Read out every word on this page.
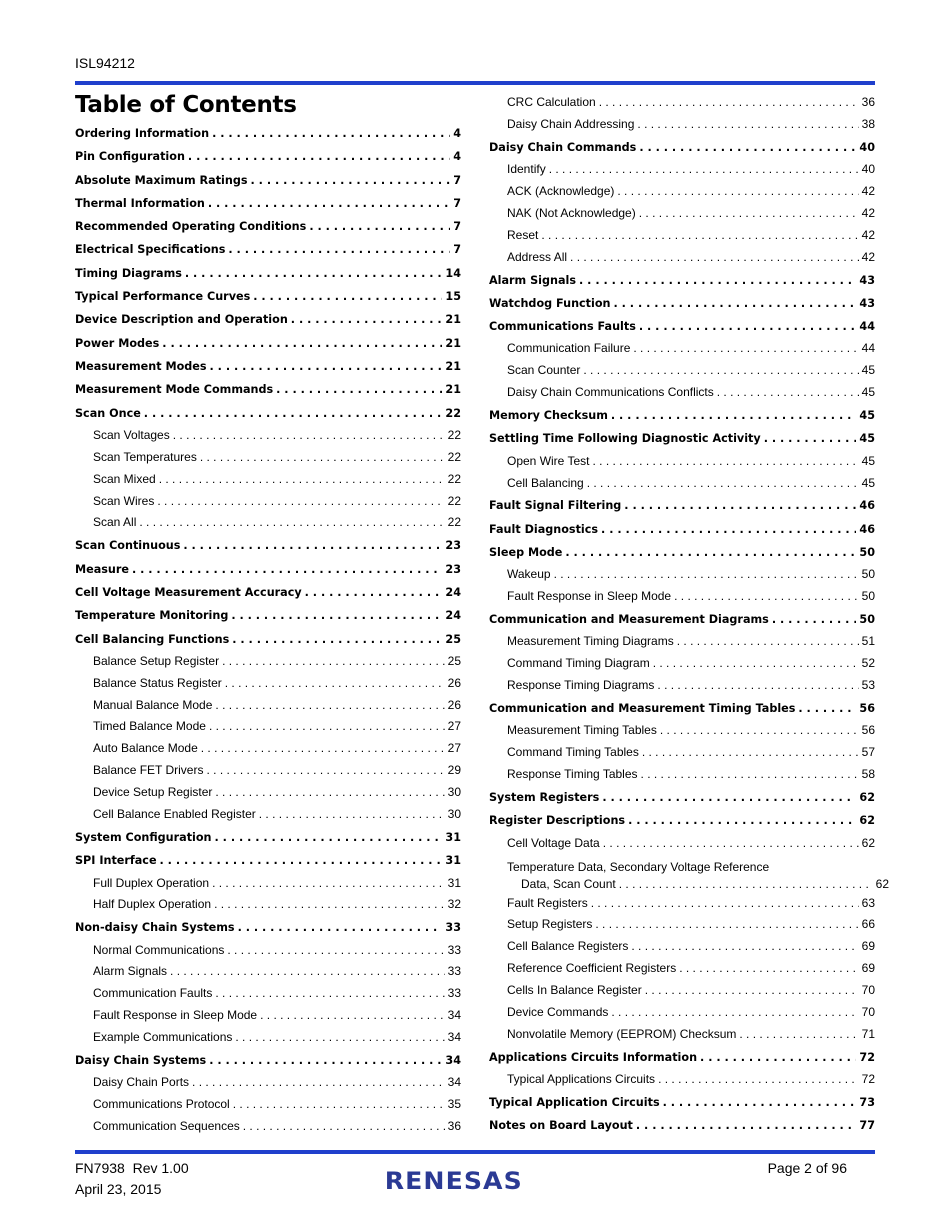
ISL94212
Table of Contents
Ordering Information . . .	4
Pin Configuration . . .	4
Absolute Maximum Ratings . . .	7
Thermal Information . . .	7
Recommended Operating Conditions . . .	7
Electrical Specifications . . .	7
Timing Diagrams . . .	14
Typical Performance Curves . . .	15
Device Description and Operation . . .	21
Power Modes . . .	21
Measurement Modes . . .	21
Measurement Mode Commands . . .	21
Scan Once . . .	22
Scan Voltages . . .	22
Scan Temperatures . . .	22
Scan Mixed . . .	22
Scan Wires . . .	22
Scan All . . .	22
Scan Continuous . . .	23
Measure . . .	23
Cell Voltage Measurement Accuracy . . .	24
Temperature Monitoring . . .	24
Cell Balancing Functions . . .	25
Balance Setup Register . . .	25
Balance Status Register . . .	26
Manual Balance Mode . . .	26
Timed Balance Mode . . .	27
Auto Balance Mode . . .	27
Balance FET Drivers . . .	29
Device Setup Register . . .	30
Cell Balance Enabled Register . . .	30
System Configuration . . .	31
SPI Interface . . .	31
Full Duplex Operation . . .	31
Half Duplex Operation . . .	32
Non-daisy Chain Systems . . .	33
Normal Communications . . .	33
Alarm Signals . . .	33
Communication Faults . . .	33
Fault Response in Sleep Mode . . .	34
Example Communications . . .	34
Daisy Chain Systems . . .	34
Daisy Chain Ports . . .	34
Communications Protocol . . .	35
Communication Sequences . . .	36
CRC Calculation . . .	36
Daisy Chain Addressing . . .	38
Daisy Chain Commands . . .	40
Identify . . .	40
ACK (Acknowledge) . . .	42
NAK (Not Acknowledge) . . .	42
Reset . . .	42
Address All . . .	42
Alarm Signals . . .	43
Watchdog Function . . .	43
Communications Faults . . .	44
Communication Failure . . .	44
Scan Counter . . .	45
Daisy Chain Communications Conflicts . . .	45
Memory Checksum . . .	45
Settling Time Following Diagnostic Activity . . .	45
Open Wire Test . . .	45
Cell Balancing . . .	45
Fault Signal Filtering . . .	46
Fault Diagnostics . . .	46
Sleep Mode . . .	50
Wakeup . . .	50
Fault Response in Sleep Mode . . .	50
Communication and Measurement Diagrams . . .	50
Measurement Timing Diagrams . . .	51
Command Timing Diagram . . .	52
Response Timing Diagrams . . .	53
Communication and Measurement Timing Tables . . .	56
Measurement Timing Tables . . .	56
Command Timing Tables . . .	57
Response Timing Tables . . .	58
System Registers . . .	62
Register Descriptions . . .	62
Cell Voltage Data . . .	62
Temperature Data, Secondary Voltage Reference
Data, Scan Count . . .	62
Fault Registers . . .	63
Setup Registers . . .	66
Cell Balance Registers . . .	69
Reference Coefficient Registers . . .	69
Cells In Balance Register . . .	70
Device Commands . . .	70
Nonvolatile Memory (EEPROM) Checksum . . .	71
Applications Circuits Information . . .	72
Typical Applications Circuits . . .	72
Typical Application Circuits . . .	73
Notes on Board Layout . . .	77
FN7938  Rev 1.00
April 23, 2015	RENESAS	Page 2 of 96
